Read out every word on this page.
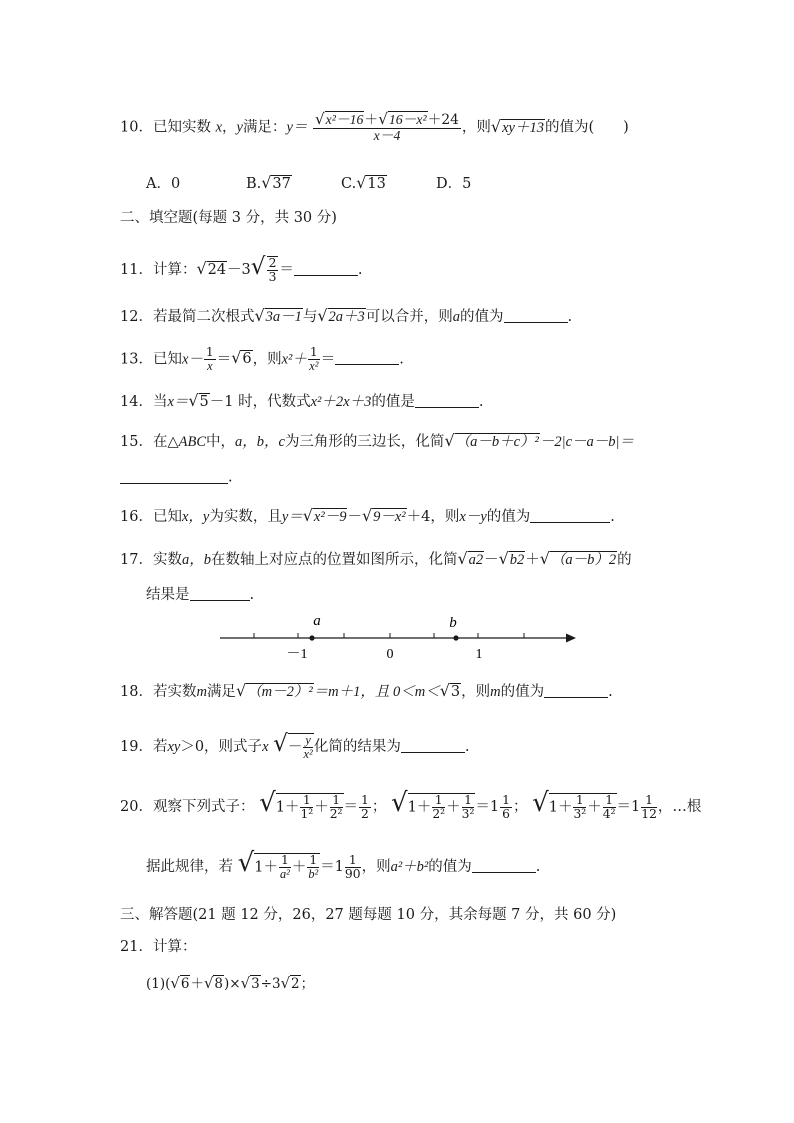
10．已知实数 x，y满足：$y= \frac{\text{√x²－16＋√16－x²＋24}}{x-4}$ ，则√xy＋13的值为(　　)
A．0	B.√37	C.√13	D．5
二、填空题(每题 3 分，共 30 分)
11．计算：$√24-3√ \frac{2}{3}$ ＝	.
12．若最简二次根式√3a－1与√2a＋3可以合并，则a的值为	.
13．已知$x- \frac{1}{x} =√6$，则$x^2+ \frac{1}{\text{x²}}$ ＝	.
14．当x＝√5－1 时，代数式x²＋2x＋3的值是	.
15．在△ABC中，a，b，c为三角形的三边长，化简√（a－b＋c）²－2|c－a－b|＝
.
16．已知x，y为实数，且y＝√x²－9－√9－x²＋4，则x－y的值为	.
17．实数a，b在数轴上对应点的位置如图所示，化简√a2－√b2＋√（a－b）2的
结果是	.
a	b
－1	0	1
18．若实数m满足√（m－2）²＝m＋1，且 0＜m＜√3，则m的值为	.
19．若xy＞0，则式子x √－ $\frac{y}{\text{x²}}$ 化简的结果为	.
20．观察下列式子： $√1+ \frac{1}{\text{1²}} + \frac{1}{\text{2²}} = \frac{1}{2}$ ； $√1+ \frac{1}{\text{2²}} + \frac{1}{\text{3²}} =1 \frac{1}{6}$ ； $√1+ \frac{1}{\text{3²}} + \frac{1}{\text{4²}} =1 \frac{1}{12}$ ，…根
据此规律，若 $√1+ \frac{1}{\text{a²}} + \frac{1}{\text{b²}} =1 \frac{1}{90}$ ，则a²＋b²的值为	.
三、解答题(21 题 12 分，26，27 题每题 10 分，其余每题 7 分，共 60 分)
21．计算：
(1)(√6＋√8)×√3÷3√2；
